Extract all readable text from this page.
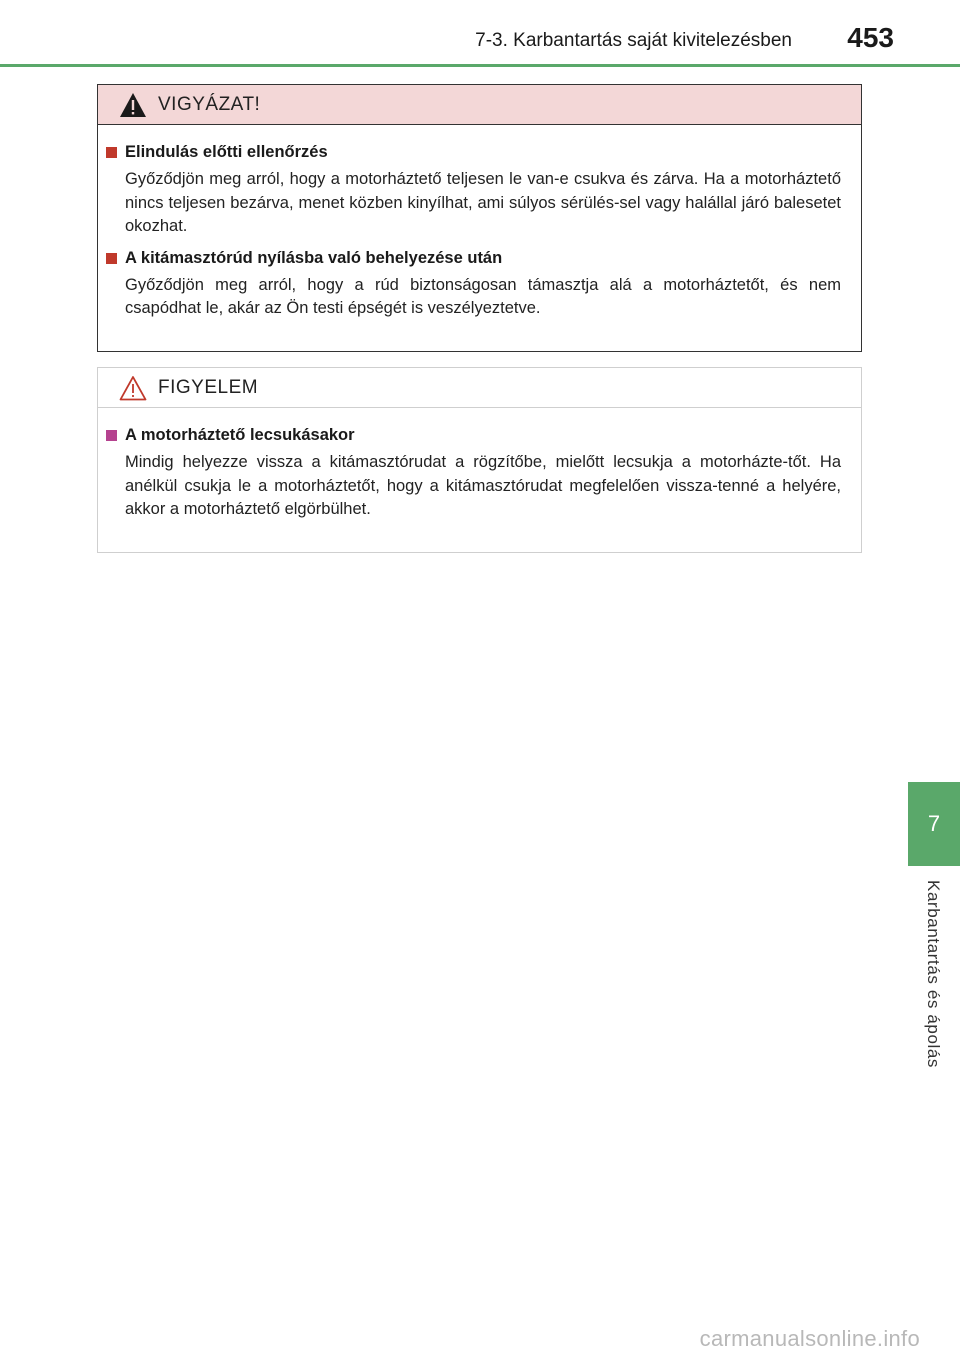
7-3. Karbantartás saját kivitelezésben 453
VIGYÁZAT!
Elindulás előtti ellenőrzés
Győződjön meg arról, hogy a motorháztető teljesen le van-e csukva és zárva. Ha a motorháztető nincs teljesen bezárva, menet közben kinyílhat, ami súlyos sérülés-sel vagy halállal járó balesetet okozhat.
A kitámasztórúd nyílásba való behelyezése után
Győződjön meg arról, hogy a rúd biztonságosan támasztja alá a motorháztetőt, és nem csapódhat le, akár az Ön testi épségét is veszélyeztetve.
FIGYELEM
A motorháztető lecsukásakor
Mindig helyezze vissza a kitámasztórudat a rögzítőbe, mielőtt lecsukja a motorházte-tőt. Ha anélkül csukja le a motorháztetőt, hogy a kitámasztórudat megfelelően vissza-tenné a helyére, akkor a motorháztető elgörbülhet.
7
Karbantartás és ápolás
carmanualsonline.info
